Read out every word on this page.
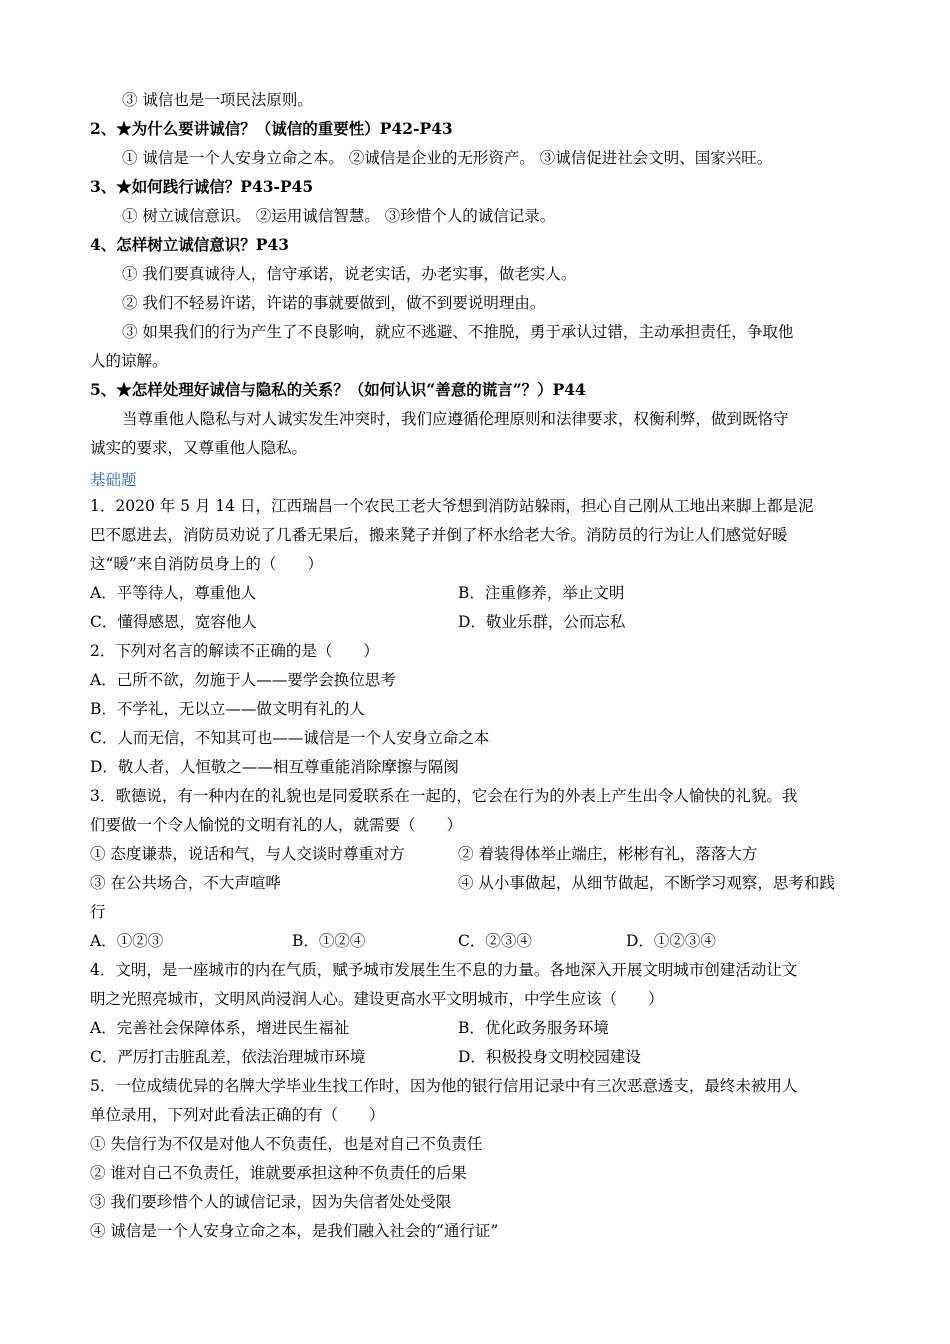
③ 诚信也是一项民法原则。
2、★为什么要讲诚信？（诚信的重要性）P42-P43
① 诚信是一个人安身立命之本。 ②诚信是企业的无形资产。 ③诚信促进社会文明、国家兴旺。
3、★如何践行诚信？P43-P45
① 树立诚信意识。 ②运用诚信智慧。 ③珍惜个人的诚信记录。
4、怎样树立诚信意识？P43
① 我们要真诚待人，信守承诺，说老实话，办老实事，做老实人。
② 我们不轻易许诺，许诺的事就要做到，做不到要说明理由。
③ 如果我们的行为产生了不良影响，就应不逃避、不推脱，勇于承认过错，主动承担责任，争取他
人的谅解。
5、★怎样处理好诚信与隐私的关系？（如何认识“善意的谎言”？）P44
当尊重他人隐私与对人诚实发生冲突时，我们应遵循伦理原则和法律要求，权衡利弊，做到既恪守
诚实的要求，又尊重他人隐私。
基础题
1．2020 年 5 月 14 日，江西瑞昌一个农民工老大爷想到消防站躲雨，担心自己刚从工地出来脚上都是泥
巴不愿进去，消防员劝说了几番无果后，搬来凳子并倒了杯水给老大爷。消防员的行为让人们感觉好暖
这“暖”来自消防员身上的（　　）
A．平等待人，尊重他人	B．注重修养，举止文明
C．懂得感恩，宽容他人	D．敬业乐群，公而忘私
2．下列对名言的解读不正确的是（　　）
A．己所不欲，勿施于人——要学会换位思考
B．不学礼，无以立——做文明有礼的人
C．人而无信，不知其可也——诚信是一个人安身立命之本
D．敬人者，人恒敬之——相互尊重能消除摩擦与隔阂
3．歌德说，有一种内在的礼貌也是同爱联系在一起的，它会在行为的外表上产生出令人愉快的礼貌。我
们要做一个令人愉悦的文明有礼的人，就需要（　　）
① 态度谦恭，说话和气，与人交谈时尊重对方	② 着装得体举止端庄，彬彬有礼，落落大方
③ 在公共场合，不大声喧哗	④ 从小事做起，从细节做起，不断学习观察，思考和践
行
A．①②③	B．①②④	C．②③④	D．①②③④
4．文明，是一座城市的内在气质，赋予城市发展生生不息的力量。各地深入开展文明城市创建活动让文
明之光照亮城市，文明风尚浸润人心。建设更高水平文明城市，中学生应该（　　）
A．完善社会保障体系，增进民生福祉	B．优化政务服务环境
C．严厉打击脏乱差，依法治理城市环境	D．积极投身文明校园建设
5．一位成绩优异的名牌大学毕业生找工作时，因为他的银行信用记录中有三次恶意透支，最终未被用人
单位录用，下列对此看法正确的有（　　）
① 失信行为不仅是对他人不负责任，也是对自己不负责任
② 谁对自己不负责任，谁就要承担这种不负责任的后果
③ 我们要珍惜个人的诚信记录，因为失信者处处受限
④ 诚信是一个人安身立命之本，是我们融入社会的“通行证”
